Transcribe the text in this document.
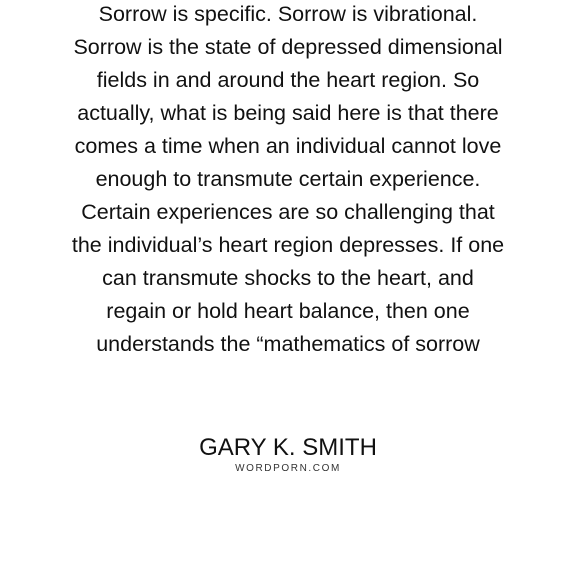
Sorrow is specific. Sorrow is vibrational.
Sorrow is the state of depressed dimensional
fields in and around the heart region. So
actually, what is being said here is that there
comes a time when an individual cannot love
enough to transmute certain experience.
Certain experiences are so challenging that
the individual’s heart region depresses. If one
can transmute shocks to the heart, and
regain or hold heart balance, then one
understands the “mathematics of sorrow
GARY K. SMITH
WORDPORN.COM
